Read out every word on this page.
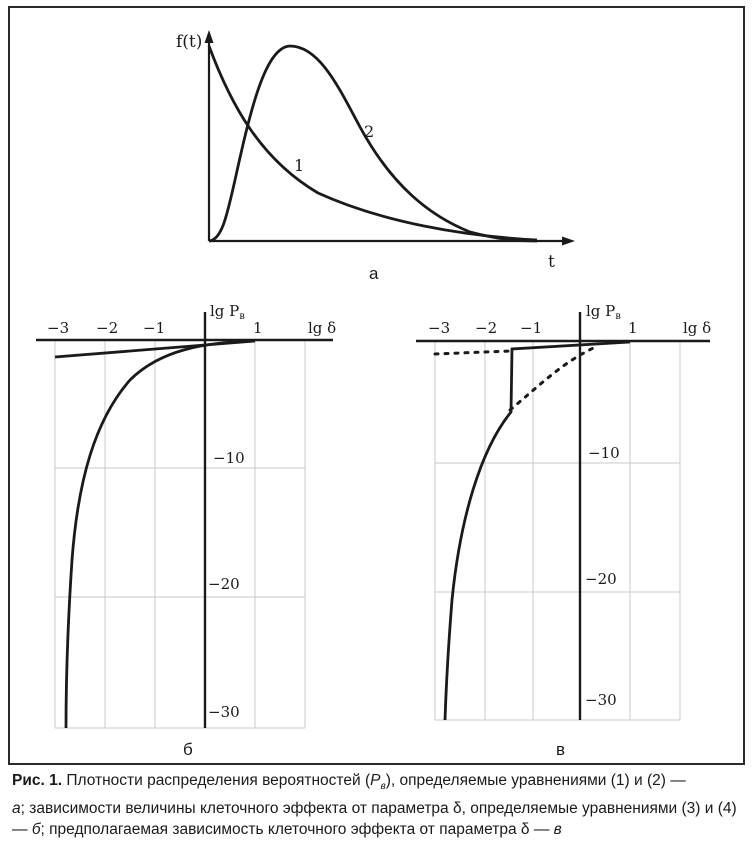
f(t)
t
1
2
а
−3 −2 −1	1	lg δ
$\lg P_в$
−10
−20
−30
б
−3 −2 −1	1	lg δ
$\lg P_в$
−10
−20
−30
в
Рис. 1. Плотности распределения вероятностей $(P_в)$, определяемые уравнениями (1) и (2) —
а; зависимости величины клеточного эффекта от параметра δ, определяемые уравнениями (3) и (4) — б; предполагаемая зависимость клеточного эффекта от параметра δ — в
